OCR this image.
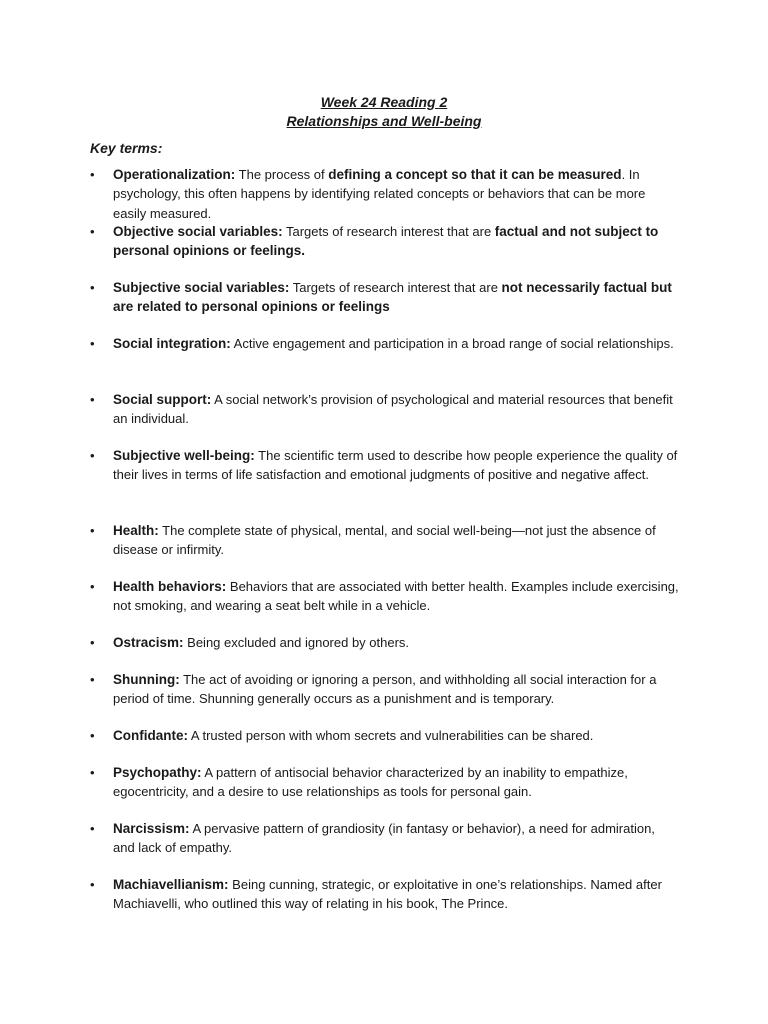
Week 24 Reading 2
Relationships and Well-being
Key terms:
•	Operationalization: The process of defining a concept so that it can be measured. In psychology, this often happens by identifying related concepts or behaviors that can be more easily measured.
•	Objective social variables: Targets of research interest that are factual and not subject to personal opinions or feelings.
•	Subjective social variables: Targets of research interest that are not necessarily factual but are related to personal opinions or feelings
•	Social integration: Active engagement and participation in a broad range of social relationships.
•	Social support: A social network’s provision of psychological and material resources that benefit an individual.
•	Subjective well-being: The scientific term used to describe how people experience the quality of their lives in terms of life satisfaction and emotional judgments of positive and negative affect.
•	Health: The complete state of physical, mental, and social well-being—not just the absence of disease or infirmity.
•	Health behaviors: Behaviors that are associated with better health. Examples include exercising, not smoking, and wearing a seat belt while in a vehicle.
•	Ostracism: Being excluded and ignored by others.
•	Shunning: The act of avoiding or ignoring a person, and withholding all social interaction for a period of time. Shunning generally occurs as a punishment and is temporary.
•	Confidante: A trusted person with whom secrets and vulnerabilities can be shared.
•	Psychopathy: A pattern of antisocial behavior characterized by an inability to empathize, egocentricity, and a desire to use relationships as tools for personal gain.
•	Narcissism: A pervasive pattern of grandiosity (in fantasy or behavior), a need for admiration, and lack of empathy.
•	Machiavellianism: Being cunning, strategic, or exploitative in one’s relationships. Named after Machiavelli, who outlined this way of relating in his book, The Prince.
